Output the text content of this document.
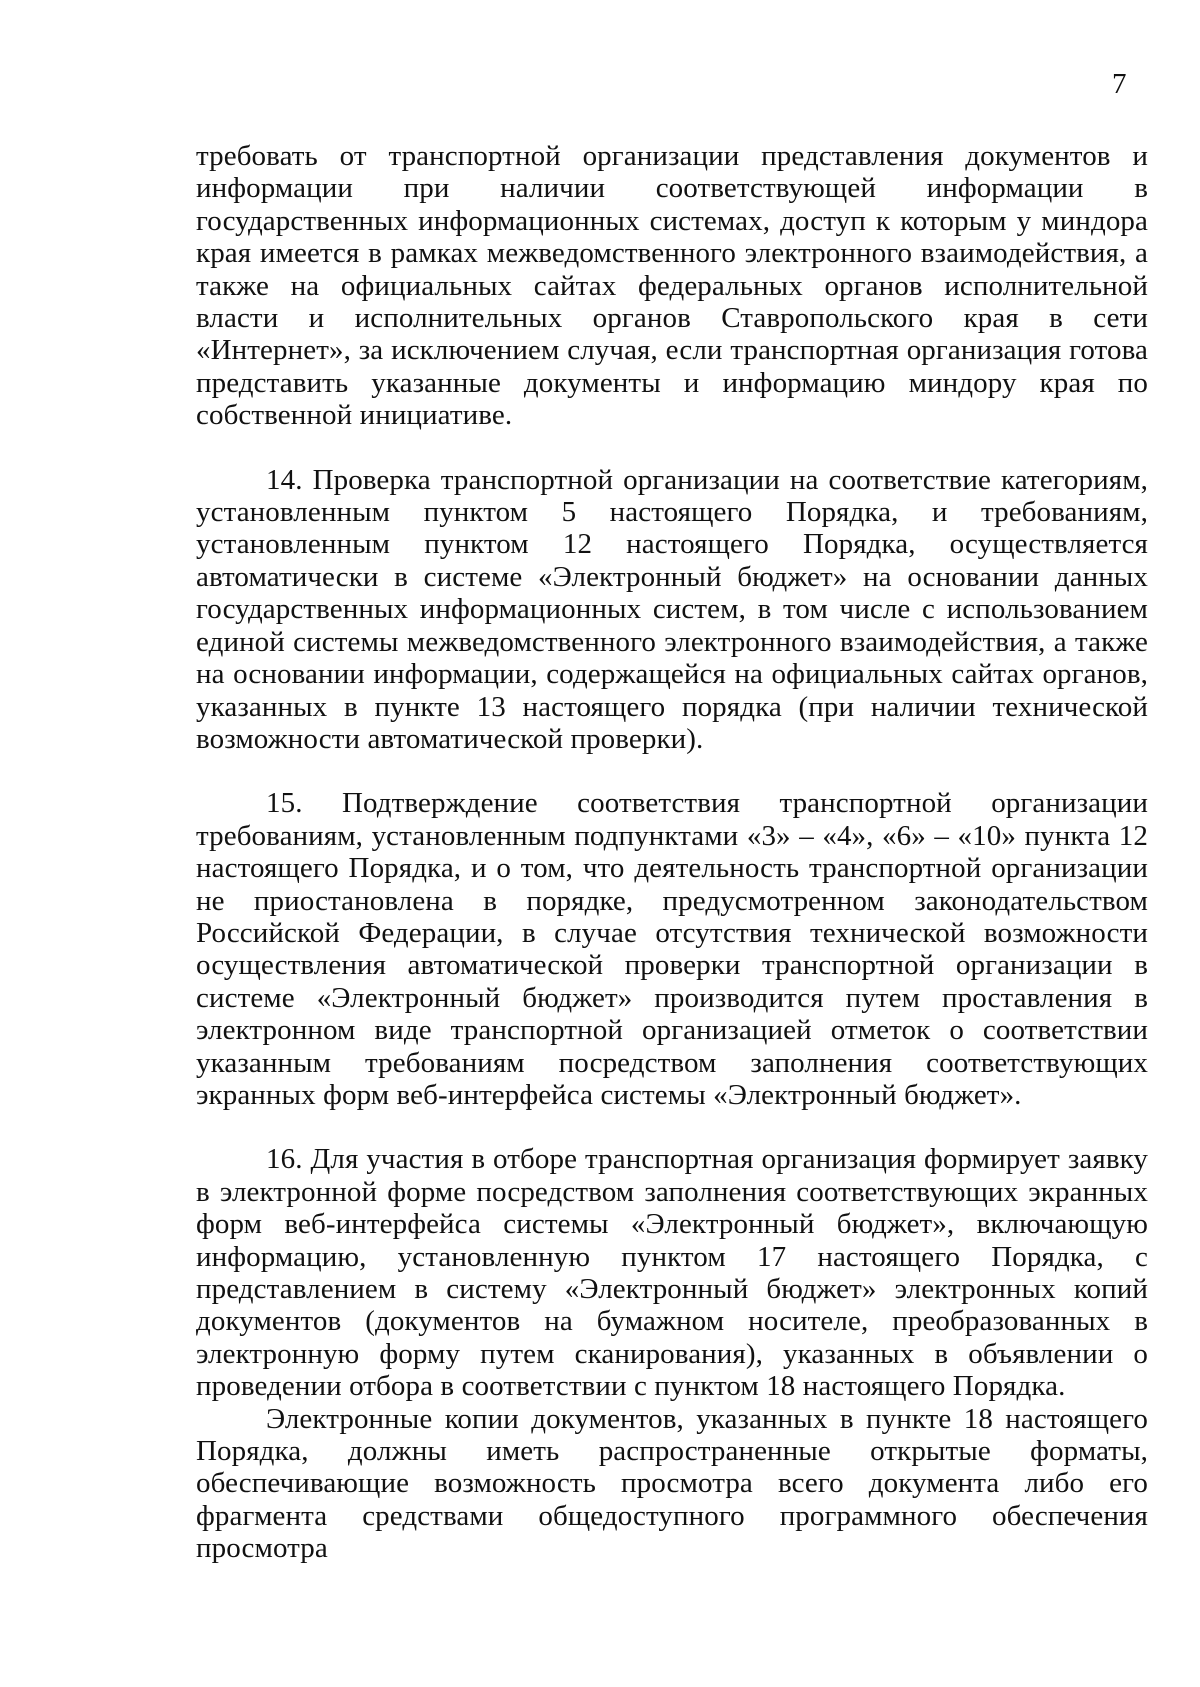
7

требовать от транспортной организации представления документов и информации при наличии соответствующей информации в государственных информационных системах, доступ к которым у миндора края имеется в рамках межведомственного электронного взаимодействия, а также на официальных сайтах федеральных органов исполнительной власти и исполнительных органов Ставропольского края в сети «Интернет», за исключением случая, если транспортная организация готова представить указанные документы и информацию миндору края по собственной инициативе.

14. Проверка транспортной организации на соответствие категориям, установленным пунктом 5 настоящего Порядка, и требованиям, установленным пунктом 12 настоящего Порядка, осуществляется автоматически в системе «Электронный бюджет» на основании данных государственных информационных систем, в том числе с использованием единой системы межведомственного электронного взаимодействия, а также на основании информации, содержащейся на официальных сайтах органов, указанных в пункте 13 настоящего порядка (при наличии технической возможности автоматической проверки).

15. Подтверждение соответствия транспортной организации требованиям, установленным подпунктами «3» – «4», «6» – «10» пункта 12 настоящего Порядка, и о том, что деятельность транспортной организации не приостановлена в порядке, предусмотренном законодательством Российской Федерации, в случае отсутствия технической возможности осуществления автоматической проверки транспортной организации в системе «Электронный бюджет» производится путем проставления в электронном виде транспортной организацией отметок о соответствии указанным требованиям посредством заполнения соответствующих экранных форм веб-интерфейса системы «Электронный бюджет».

16. Для участия в отборе транспортная организация формирует заявку в электронной форме посредством заполнения соответствующих экранных форм веб-интерфейса системы «Электронный бюджет», включающую информацию, установленную пунктом 17 настоящего Порядка, с представлением в систему «Электронный бюджет» электронных копий документов (документов на бумажном носителе, преобразованных в электронную форму путем сканирования), указанных в объявлении о проведении отбора в соответствии с пунктом 18 настоящего Порядка.

Электронные копии документов, указанных в пункте 18 настоящего Порядка, должны иметь распространенные открытые форматы, обеспечивающие возможность просмотра всего документа либо его фрагмента средствами общедоступного программного обеспечения просмотра
